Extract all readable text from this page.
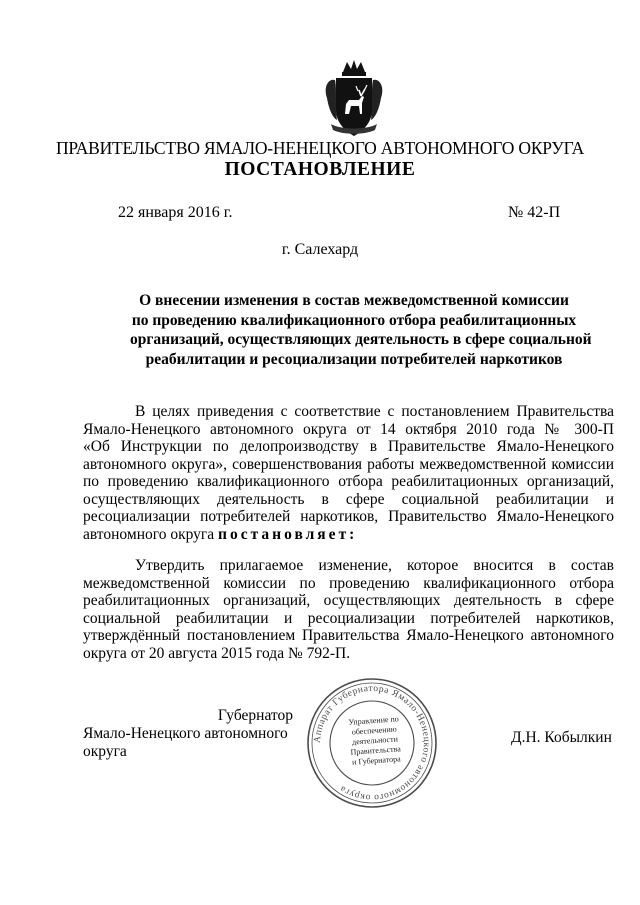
ПРАВИТЕЛЬСТВО ЯМАЛО-НЕНЕЦКОГО АВТОНОМНОГО ОКРУГА
ПОСТАНОВЛЕНИЕ
22 января 2016 г.	№ 42-П
г. Салехард
О внесении изменения в состав межведомственной комиссии
по проведению квалификационного отбора реабилитационных
организаций, осуществляющих деятельность в сфере социальной
реабилитации и ресоциализации потребителей наркотиков
В целях приведения с соответствие с постановлением Правительства
Ямало-Ненецкого автономного округа от 14 октября 2010 года № 300-П
«Об Инструкции по делопроизводству в Правительстве Ямало-Ненецкого
автономного округа», совершенствования работы межведомственной комиссии
по проведению квалификационного отбора реабилитационных организаций,
осуществляющих деятельность в сфере социальной реабилитации и
ресоциализации потребителей наркотиков, Правительство Ямало-Ненецкого
автономного округа постановляет:
Утвердить прилагаемое изменение, которое вносится в состав
межведомственной комиссии по проведению квалификационного отбора
реабилитационных организаций, осуществляющих деятельность в сфере
социальной реабилитации и ресоциализации потребителей наркотиков,
утверждённый постановлением Правительства Ямало-Ненецкого автономного
округа от 20 августа 2015 года № 792-П.
Губернатор
Ямало-Ненецкого автономного округа
Д.Н. Кобылкин
Аппарат Губернатора Ямало-Ненецкого автономного округа
Управление по
обеспечению
деятельности
Правительства
и Губернатора
